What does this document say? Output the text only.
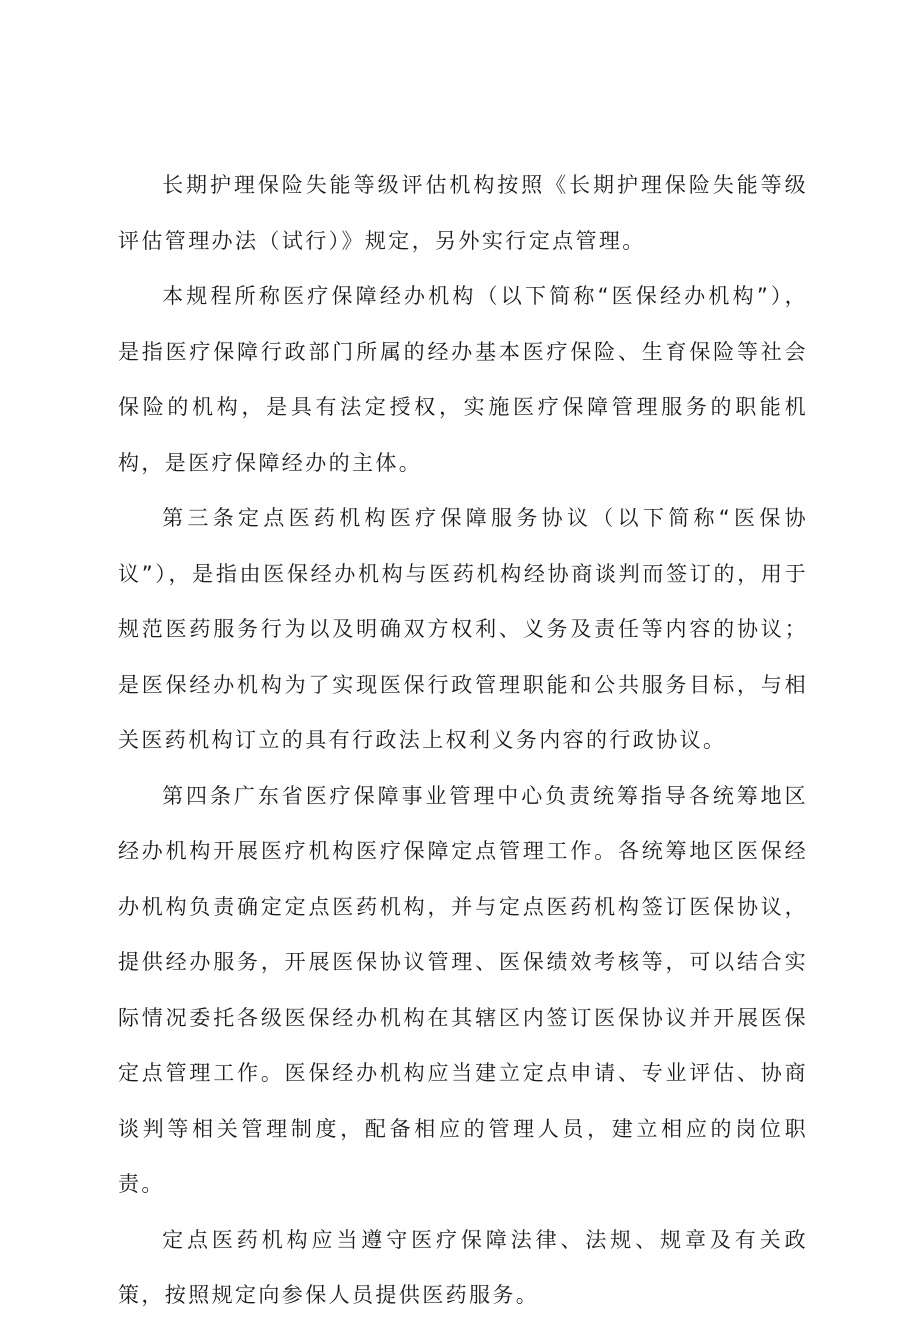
长期护理保险失能等级评估机构按照《长期护理保险失能等级评估管理办法（试行）》规定，另外实行定点管理。

本规程所称医疗保障经办机构（以下简称“医保经办机构”），是指医疗保障行政部门所属的经办基本医疗保险、生育保险等社会保险的机构，是具有法定授权，实施医疗保障管理服务的职能机构，是医疗保障经办的主体。

第三条定点医药机构医疗保障服务协议（以下简称“医保协议”），是指由医保经办机构与医药机构经协商谈判而签订的，用于规范医药服务行为以及明确双方权利、义务及责任等内容的协议；是医保经办机构为了实现医保行政管理职能和公共服务目标，与相关医药机构订立的具有行政法上权利义务内容的行政协议。

第四条广东省医疗保障事业管理中心负责统筹指导各统筹地区经办机构开展医疗机构医疗保障定点管理工作。各统筹地区医保经办机构负责确定定点医药机构，并与定点医药机构签订医保协议，提供经办服务，开展医保协议管理、医保绩效考核等，可以结合实际情况委托各级医保经办机构在其辖区内签订医保协议并开展医保定点管理工作。医保经办机构应当建立定点申请、专业评估、协商谈判等相关管理制度，配备相应的管理人员，建立相应的岗位职责。

定点医药机构应当遵守医疗保障法律、法规、规章及有关政策，按照规定向参保人员提供医药服务。
